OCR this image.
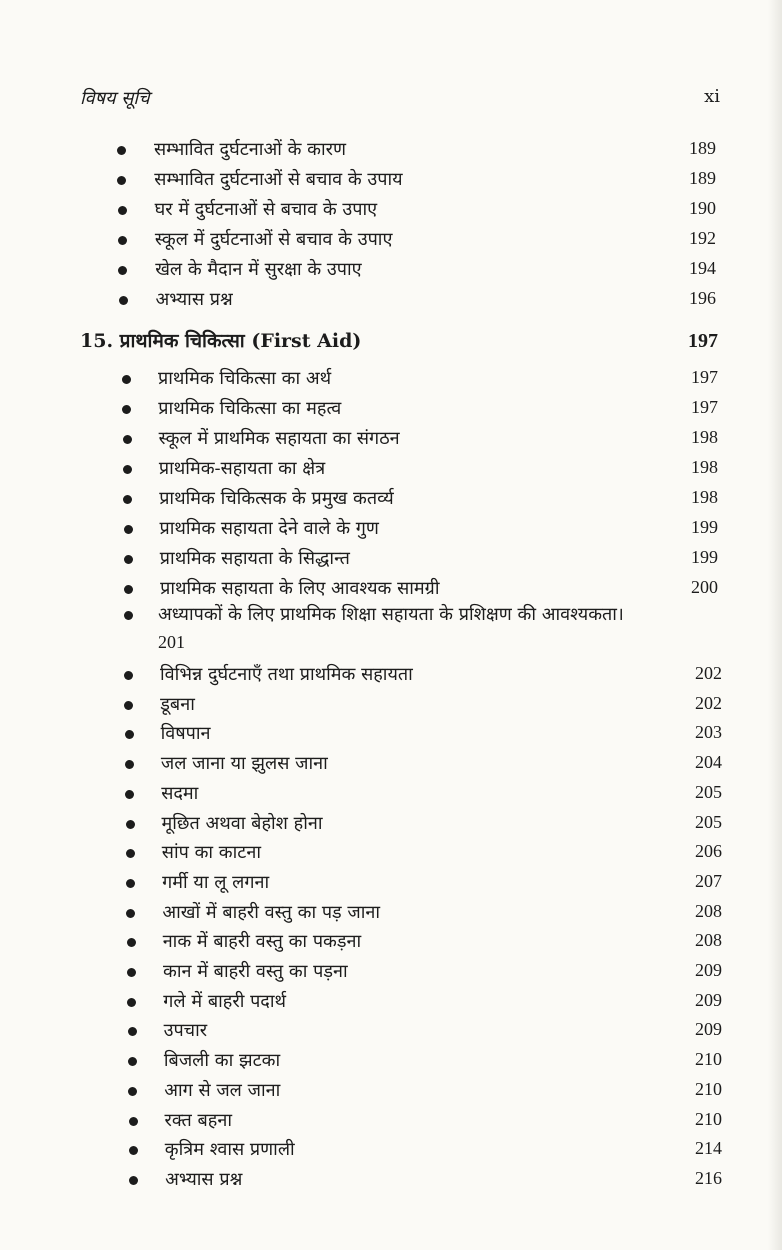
विषय सूचि	xi
सम्भावित दुर्घटनाओं के कारण	189
सम्भावित दुर्घटनाओं से बचाव के उपाय	189
घर में दुर्घटनाओं से बचाव के उपाए	190
स्कूल में दुर्घटनाओं से बचाव के उपाए	192
खेल के मैदान में सुरक्षा के उपाए	194
अभ्यास प्रश्न	196
15. प्राथमिक चिकित्सा (First Aid)	197
प्राथमिक चिकित्सा का अर्थ	197
प्राथमिक चिकित्सा का महत्व	197
स्कूल में प्राथमिक सहायता का संगठन	198
प्राथमिक-सहायता का क्षेत्र	198
प्राथमिक चिकित्सक के प्रमुख कतर्व्य	198
प्राथमिक सहायता देने वाले के गुण	199
प्राथमिक सहायता के सिद्धान्त	199
प्राथमिक सहायता के लिए आवश्यक सामग्री	200
अध्यापकों के लिए प्राथमिक शिक्षा सहायता के प्रशिक्षण की आवश्यकता।
201
विभिन्न दुर्घटनाएँ तथा प्राथमिक सहायता	202
डूबना	202
विषपान	203
जल जाना या झुलस जाना	204
सदमा	205
मूछित अथवा बेहोश होना	205
सांप का काटना	206
गर्मी या लू लगना	207
आखों में बाहरी वस्तु का पड़ जाना	208
नाक में बाहरी वस्तु का पकड़ना	208
कान में बाहरी वस्तु का पड़ना	209
गले में बाहरी पदार्थ	209
उपचार	209
बिजली का झटका	210
आग से जल जाना	210
रक्त बहना	210
कृत्रिम श्वास प्रणाली	214
अभ्यास प्रश्न	216
